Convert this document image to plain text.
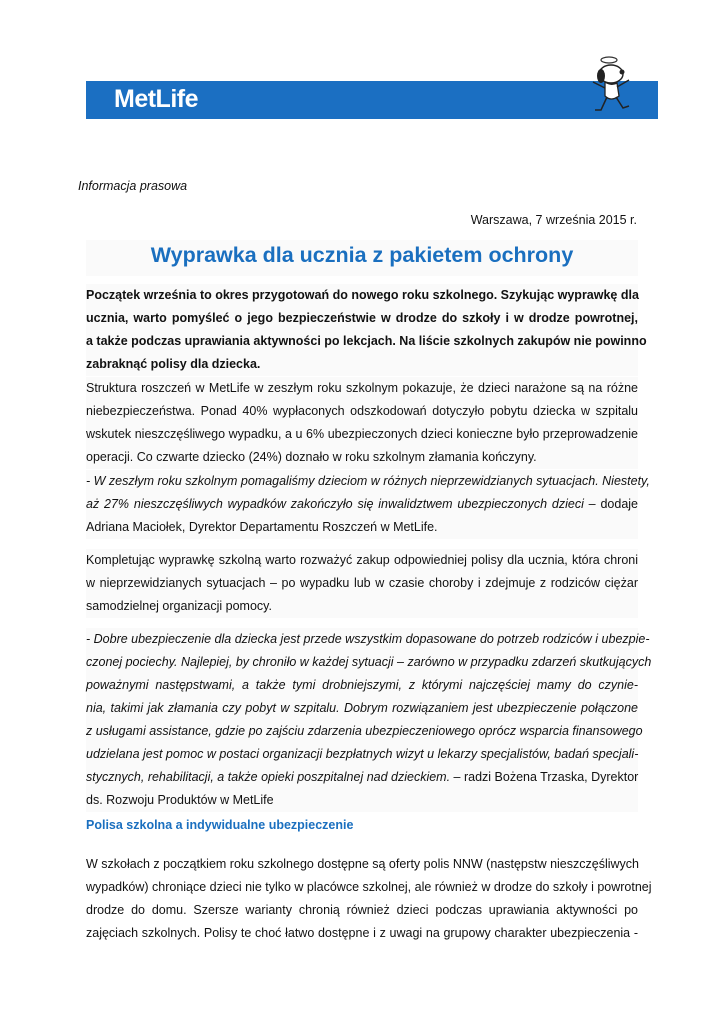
MetLife
Informacja prasowa
Warszawa, 7 września 2015 r.
Wyprawka dla ucznia z pakietem ochrony
Początek września to okres przygotowań do nowego roku szkolnego. Szykując wyprawkę dla
ucznia, warto pomyśleć o jego bezpieczeństwie w drodze do szkoły i w drodze powrotnej,
a także podczas uprawiania aktywności po lekcjach. Na liście szkolnych zakupów nie powinno
zabraknąć polisy dla dziecka.
Struktura roszczeń w MetLife w zeszłym roku szkolnym pokazuje, że dzieci narażone są na różne
niebezpieczeństwa. Ponad 40% wypłaconych odszkodowań dotyczyło pobytu dziecka w szpitalu
wskutek nieszczęśliwego wypadku, a u 6% ubezpieczonych dzieci konieczne było przeprowadzenie
operacji. Co czwarte dziecko (24%) doznało w roku szkolnym złamania kończyny.
- W zeszłym roku szkolnym pomagaliśmy dzieciom w różnych nieprzewidzianych sytuacjach. Niestety,
aż 27% nieszczęśliwych wypadków zakończyło się inwalidztwem ubezpieczonych dzieci – dodaje
Adriana Maciołek, Dyrektor Departamentu Roszczeń w MetLife.
Kompletując wyprawkę szkolną warto rozważyć zakup odpowiedniej polisy dla ucznia, która chroni
w nieprzewidzianych sytuacjach – po wypadku lub w czasie choroby i zdejmuje z rodziców ciężar
samodzielnej organizacji pomocy.
- Dobre ubezpieczenie dla dziecka jest przede wszystkim dopasowane do potrzeb rodziców i ubezpie-
czonej pociechy. Najlepiej, by chroniło w każdej sytuacji – zarówno w przypadku zdarzeń skutkujących
poważnymi następstwami, a także tymi drobniejszymi, z którymi najczęściej mamy do czynie-
nia, takimi jak złamania czy pobyt w szpitalu. Dobrym rozwiązaniem jest ubezpieczenie połączone
z usługami assistance, gdzie po zajściu zdarzenia ubezpieczeniowego oprócz wsparcia finansowego
udzielana jest pomoc w postaci organizacji bezpłatnych wizyt u lekarzy specjalistów, badań specjali-
stycznych, rehabilitacji, a także opieki poszpitalnej nad dzieckiem. – radzi Bożena Trzaska, Dyrektor
ds. Rozwoju Produktów w MetLife
Polisa szkolna a indywidualne ubezpieczenie
W szkołach z początkiem roku szkolnego dostępne są oferty polis NNW (następstw nieszczęśliwych
wypadków) chroniące dzieci nie tylko w placówce szkolnej, ale również w drodze do szkoły i powrotnej
drodze do domu. Szersze warianty chronią również dzieci podczas uprawiania aktywności po
zajęciach szkolnych. Polisy te choć łatwo dostępne i z uwagi na grupowy charakter ubezpieczenia -
